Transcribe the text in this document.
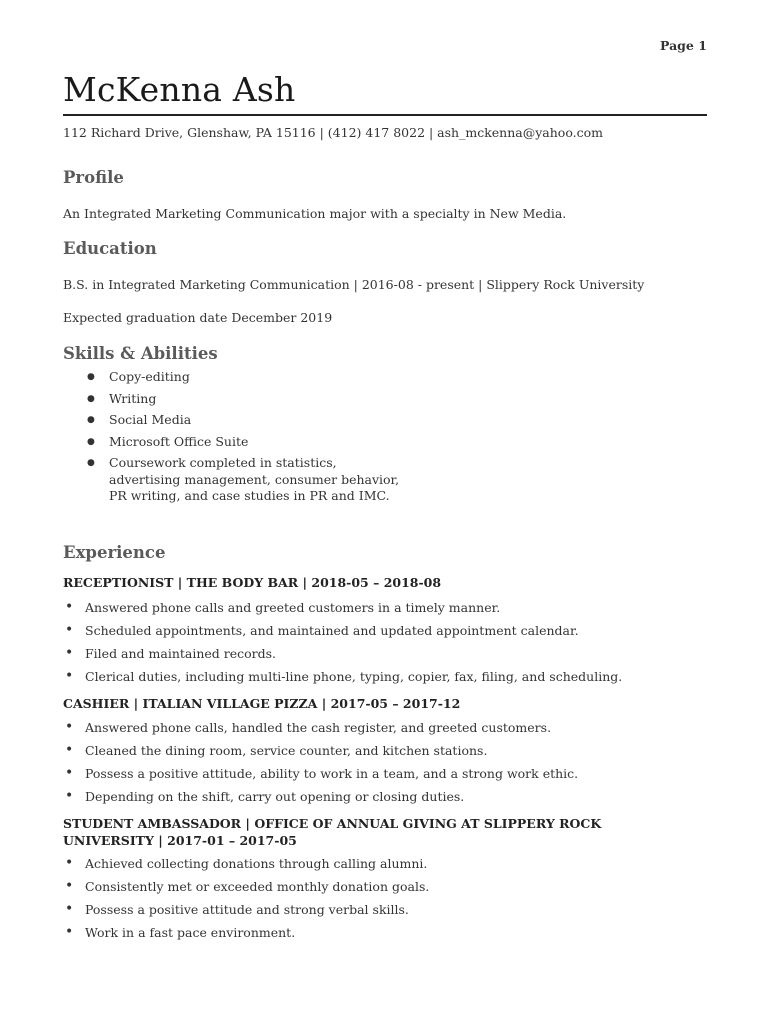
Page 1
McKenna Ash
112 Richard Drive, Glenshaw, PA 15116 | (412) 417 8022 | ash_mckenna@yahoo.com
Profile

An Integrated Marketing Communication major with a specialty in New Media.

Education

B.S. in Integrated Marketing Communication | 2016-08 - present | Slippery Rock University

Expected graduation date December 2019

Skills & Abilities
● Copy-editing
● Writing
● Social Media
● Microsoft Office Suite
● Coursework completed in statistics, advertising management, consumer behavior, PR writing, and case studies in PR and IMC.
Experience
RECEPTIONIST | THE BODY BAR | 2018-05 – 2018-08
• Answered phone calls and greeted customers in a timely manner.
• Scheduled appointments, and maintained and updated appointment calendar.
• Filed and maintained records.
• Clerical duties, including multi-line phone, typing, copier, fax, filing, and scheduling.
CASHIER | ITALIAN VILLAGE PIZZA | 2017-05 – 2017-12
• Answered phone calls, handled the cash register, and greeted customers.
• Cleaned the dining room, service counter, and kitchen stations.
• Possess a positive attitude, ability to work in a team, and a strong work ethic.
• Depending on the shift, carry out opening or closing duties.
STUDENT AMBASSADOR | OFFICE OF ANNUAL GIVING AT SLIPPERY ROCK UNIVERSITY | 2017-01 – 2017-05
• Achieved collecting donations through calling alumni.
• Consistently met or exceeded monthly donation goals.
• Possess a positive attitude and strong verbal skills.
• Work in a fast pace environment.
